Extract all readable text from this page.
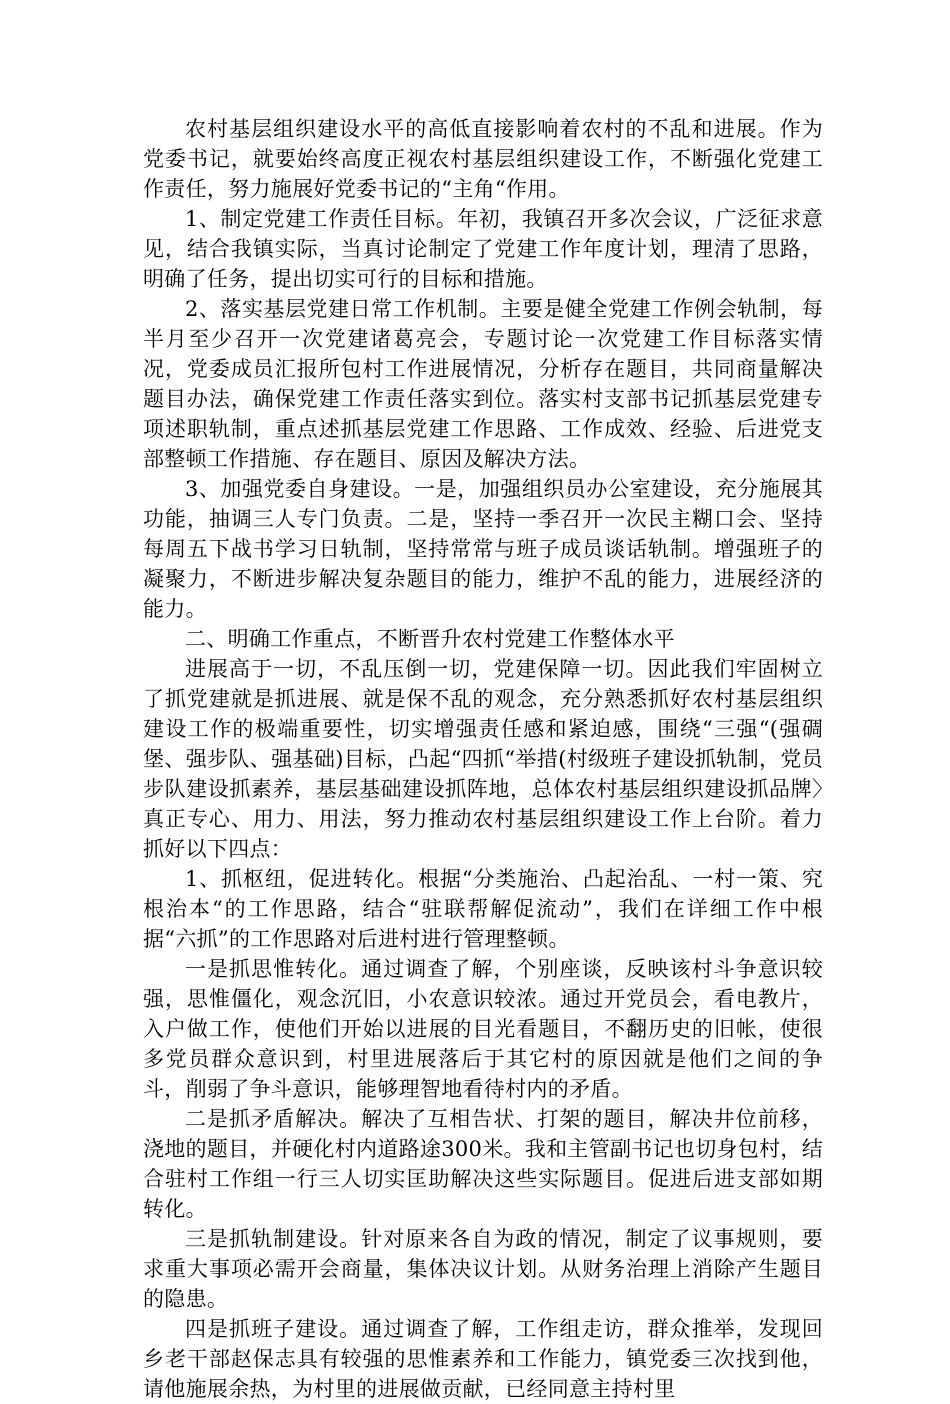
农村基层组织建设水平的高低直接影响着农村的不乱和进展。作为党委书记，就要始终高度正视农村基层组织建设工作，不断强化党建工作责任，努力施展好党委书记的“主角“作用。

1、制定党建工作责任目标。年初，我镇召开多次会议，广泛征求意见，结合我镇实际，当真讨论制定了党建工作年度计划，理清了思路，明确了任务，提出切实可行的目标和措施。

2、落实基层党建日常工作机制。主要是健全党建工作例会轨制，每半月至少召开一次党建诸葛亮会，专题讨论一次党建工作目标落实情况，党委成员汇报所包村工作进展情况，分析存在题目，共同商量解决题目办法，确保党建工作责任落实到位。落实村支部书记抓基层党建专项述职轨制，重点述抓基层党建工作思路、工作成效、经验、后进党支部整顿工作措施、存在题目、原因及解决方法。

3、加强党委自身建设。一是，加强组织员办公室建设，充分施展其功能，抽调三人专门负责。二是，坚持一季召开一次民主糊口会、坚持每周五下战书学习日轨制，坚持常常与班子成员谈话轨制。增强班子的凝聚力，不断进步解决复杂题目的能力，维护不乱的能力，进展经济的能力。

二、明确工作重点，不断晋升农村党建工作整体水平

进展高于一切，不乱压倒一切，党建保障一切。因此我们牢固树立了抓党建就是抓进展、就是保不乱的观念，充分熟悉抓好农村基层组织建设工作的极端重要性，切实增强责任感和紧迫感，围绕“三强“(强碉堡、强步队、强基础)目标，凸起“四抓“举措(村级班子建设抓轨制，党员步队建设抓素养，基层基础建设抓阵地，总体农村基层组织建设抓品牌〉真正专心、用力、用法，努力推动农村基层组织建设工作上台阶。着力抓好以下四点：

1、抓枢纽，促进转化。根据“分类施治、凸起治乱、一村一策、究根治本“的工作思路，结合“驻联帮解促流动”，我们在详细工作中根据“六抓”的工作思路对后进村进行管理整顿。

一是抓思惟转化。通过调查了解，个别座谈，反映该村斗争意识较强，思惟僵化，观念沉旧，小农意识较浓。通过开党员会，看电教片，入户做工作，使他们开始以进展的目光看题目，不翻历史的旧帐，使很多党员群众意识到，村里进展落后于其它村的原因就是他们之间的争斗，削弱了争斗意识，能够理智地看待村内的矛盾。

二是抓矛盾解决。解决了互相告状、打架的题目，解决井位前移，浇地的题目，并硬化村内道路途300米。我和主管副书记也切身包村，结合驻村工作组一行三人切实匡助解决这些实际题目。促进后进支部如期转化。

三是抓轨制建设。针对原来各自为政的情况，制定了议事规则，要求重大事项必需开会商量，集体决议计划。从财务治理上消除产生题目的隐患。

四是抓班子建设。通过调查了解，工作组走访，群众推举，发现回乡老干部赵保志具有较强的思惟素养和工作能力，镇党委三次找到他，请他施展余热，为村里的进展做贡献，已经同意主持村里
